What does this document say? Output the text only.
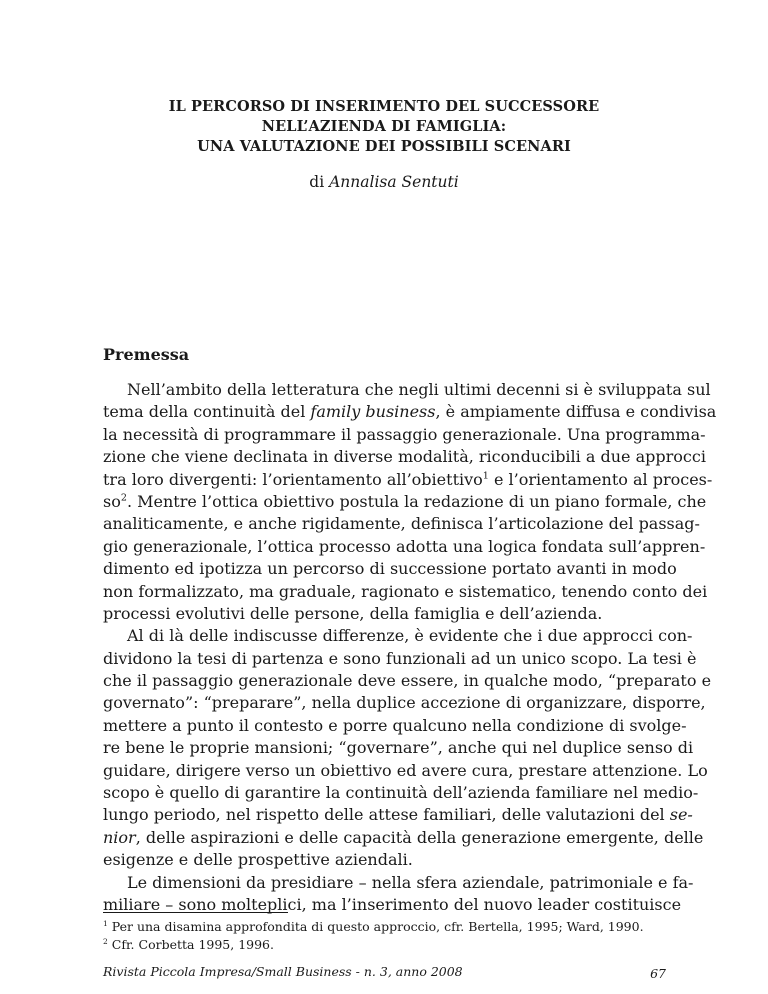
IL PERCORSO DI INSERIMENTO DEL SUCCESSORE
NELL’AZIENDA DI FAMIGLIA:
UNA VALUTAZIONE DEI POSSIBILI SCENARI
di Annalisa Sentuti
Premessa
Nell’ambito della letteratura che negli ultimi decenni si è sviluppata sul
tema della continuità del family business, è ampiamente diffusa e condivisa
la necessità di programmare il passaggio generazionale. Una programma-
zione che viene declinata in diverse modalità, riconducibili a due approcci
tra loro divergenti: l’orientamento all’obiettivo$^1$ e l’orientamento al proces-
$so^2$. Mentre l’ottica obiettivo postula la redazione di un piano formale, che
analiticamente, e anche rigidamente, definisca l’articolazione del passag-
gio generazionale, l’ottica processo adotta una logica fondata sull’appren-
dimento ed ipotizza un percorso di successione portato avanti in modo
non formalizzato, ma graduale, ragionato e sistematico, tenendo conto dei
processi evolutivi delle persone, della famiglia e dell’azienda.
Al di là delle indiscusse differenze, è evidente che i due approcci con-
dividono la tesi di partenza e sono funzionali ad un unico scopo. La tesi è
che il passaggio generazionale deve essere, in qualche modo, “preparato e
governato”: “preparare”, nella duplice accezione di organizzare, disporre,
mettere a punto il contesto e porre qualcuno nella condizione di svolge-
re bene le proprie mansioni; “governare”, anche qui nel duplice senso di
guidare, dirigere verso un obiettivo ed avere cura, prestare attenzione. Lo
scopo è quello di garantire la continuità dell’azienda familiare nel medio-
lungo periodo, nel rispetto delle attese familiari, delle valutazioni del se-
nior, delle aspirazioni e delle capacità della generazione emergente, delle
esigenze e delle prospettive aziendali.
Le dimensioni da presidiare – nella sfera aziendale, patrimoniale e fa-
miliare – sono molteplici, ma l’inserimento del nuovo leader costituisce
$^1$ Per una disamina approfondita di questo approccio, cfr. Bertella, 1995; Ward, 1990.
$^2$ Cfr. Corbetta 1995, 1996.
Rivista Piccola Impresa/Small Business - n. 3, anno 2008	67
